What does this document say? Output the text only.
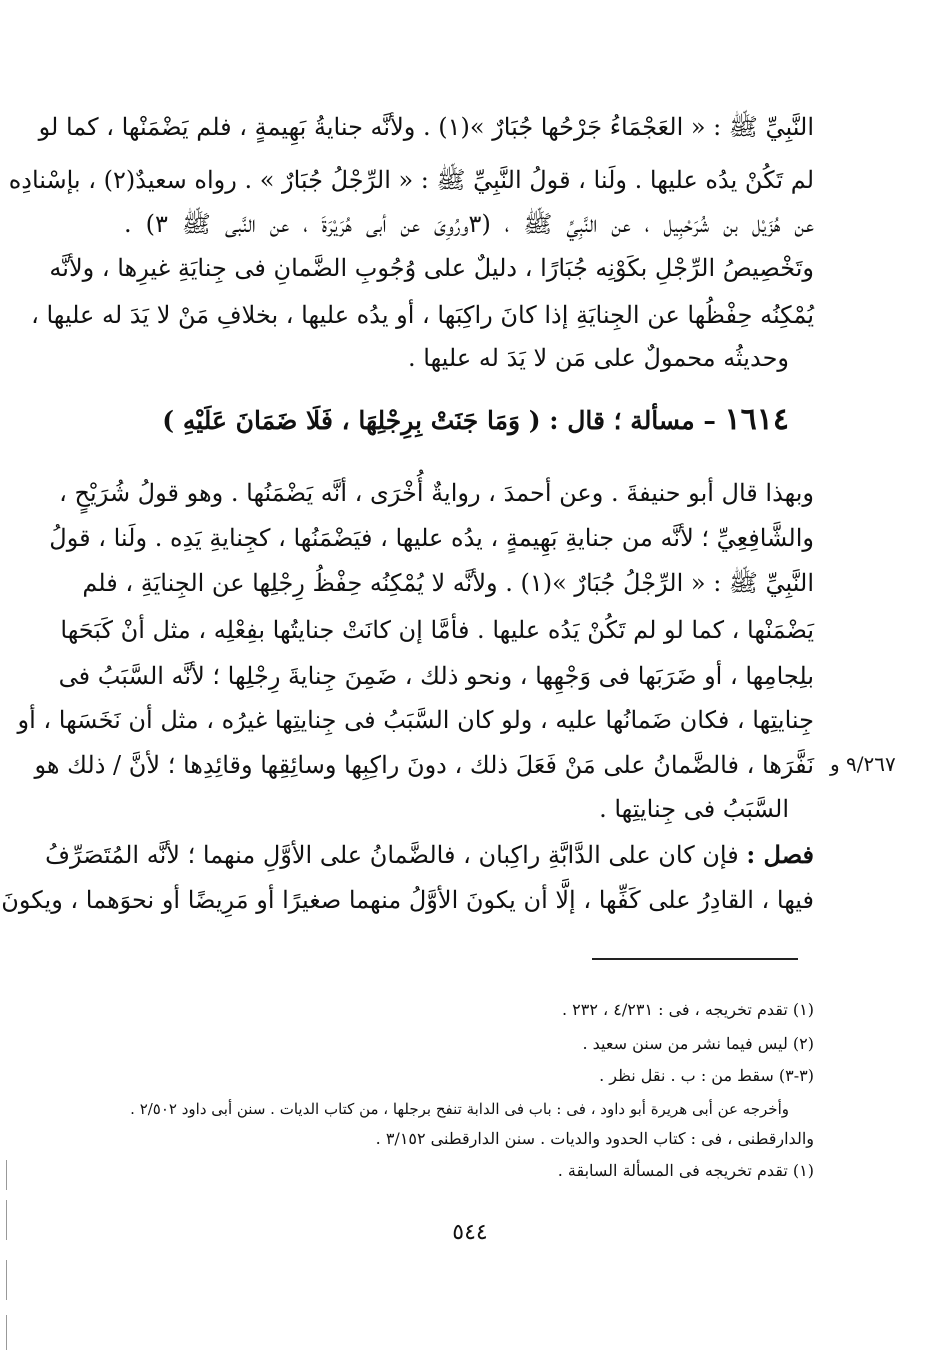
النَّبِيِّ ﷺ : « العَجْمَاءُ جَرْحُها جُبَارٌ »(١) . ولأنَّه جنايةُ بَهِيمةٍ ، فلم يَضْمَنْها ، كما لو
لم تَكُنْ يدُه عليها . ولَنا ، قولُ النَّبِيِّ ﷺ : « الرِّجْلُ جُبَارٌ » . رواه سعيدٌ(٢) ، بإسْنادِه
عن هُزَيْل بن شُرَحْبِيل ، عن النَّبِيِّ ﷺ ، (٣ورُوِىَ عن أبى هُرَيْرَةَ ، عن النَّبى ﷺ ٣) .
وتَخْصِيصُ الرِّجْلِ بكَوْنِه جُبَارًا ، دليلٌ على وُجُوبِ الضَّمانِ فى جِنايَةِ غيرِها ، ولأنَّه
يُمْكِنُه حِفْظُها عن الجِنايَةِ إذا كانَ راكِبَها ، أو يدُه عليها ، بخلافِ مَنْ لا يَدَ له عليها ،
وحديثُه محمولٌ على مَن لا يَدَ له عليها .
١٦١٤ – مسألة ؛ قال : ( وَمَا جَنَتْ بِرِجْلِهَا ، فَلَا ضَمَانَ عَلَيْهِ )
وبهذا قال أبو حنيفةَ . وعن أحمدَ ، روايةٌ أُخْرَى ، أنَّه يَضْمَنُها . وهو قولُ شُرَيْحٍ ،
والشَّافِعِيِّ ؛ لأنَّه من جنايةِ بَهِيمةٍ ، يدُه عليها ، فيَضْمَنُها ، كجِنايةِ يَدِه . ولَنا ، قولُ
النَّبِيِّ ﷺ : « الرِّجْلُ جُبَارٌ »(١) . ولأنَّه لا يُمْكِنُه حِفْظُ رِجْلِها عن الجِنايَةِ ، فلم
يَضْمَنْها ، كما لو لم تَكُنْ يَدُه عليها . فأمَّا إن كانَتْ جنايتُها بفِعْلِه ، مثل أنْ كَبَحَها
بلِجامِها ، أو ضَرَبَها فى وَجْهِها ، ونحو ذلك ، ضَمِنَ جِنايةَ رِجْلِها ؛ لأنَّه السَّبَبُ فى
جِنايتِها ، فكان ضَمانُها عليه ، ولو كان السَّبَبُ فى جِنايتِها غيرُه ، مثل أن نَخَسَها ، أو
نَفَّرَها ، فالضَّمانُ على مَنْ فَعَلَ ذلك ، دونَ راكِبِها وسائِقِها وقائِدِها ؛ لأنَّ / ذلك هو
السَّبَبُ فى جِنايتِها .
٩/٢٦٧ و
فصل : فإن كان على الدَّابَّةِ راكِبان ، فالضَّمانُ على الأوَّلِ منهما ؛ لأنَّه المُتَصَرِّفُ
فيها ، القادِرُ على كَفِّها ، إلَّا أن يكونَ الأوَّلُ منهما صغيرًا أو مَرِيضًا أو نحوَهما ، ويكونَ
(١) تقدم تخريجه ، فى : ٤/٢٣١ ، ٢٣٢ .
(٢) ليس فيما نشر من سنن سعيد .
(٣-٣) سقط من : ب . نقل نظر .
وأخرجه عن أبى هريرة أبو داود ، فى : باب فى الدابة تنفح برجلها ، من كتاب الديات . سنن أبى داود ٢/٥٠٢ .
والدارقطنى ، فى : كتاب الحدود والديات . سنن الدارقطنى ٣/١٥٢ .
(١) تقدم تخريجه فى المسألة السابقة .
٥٤٤
